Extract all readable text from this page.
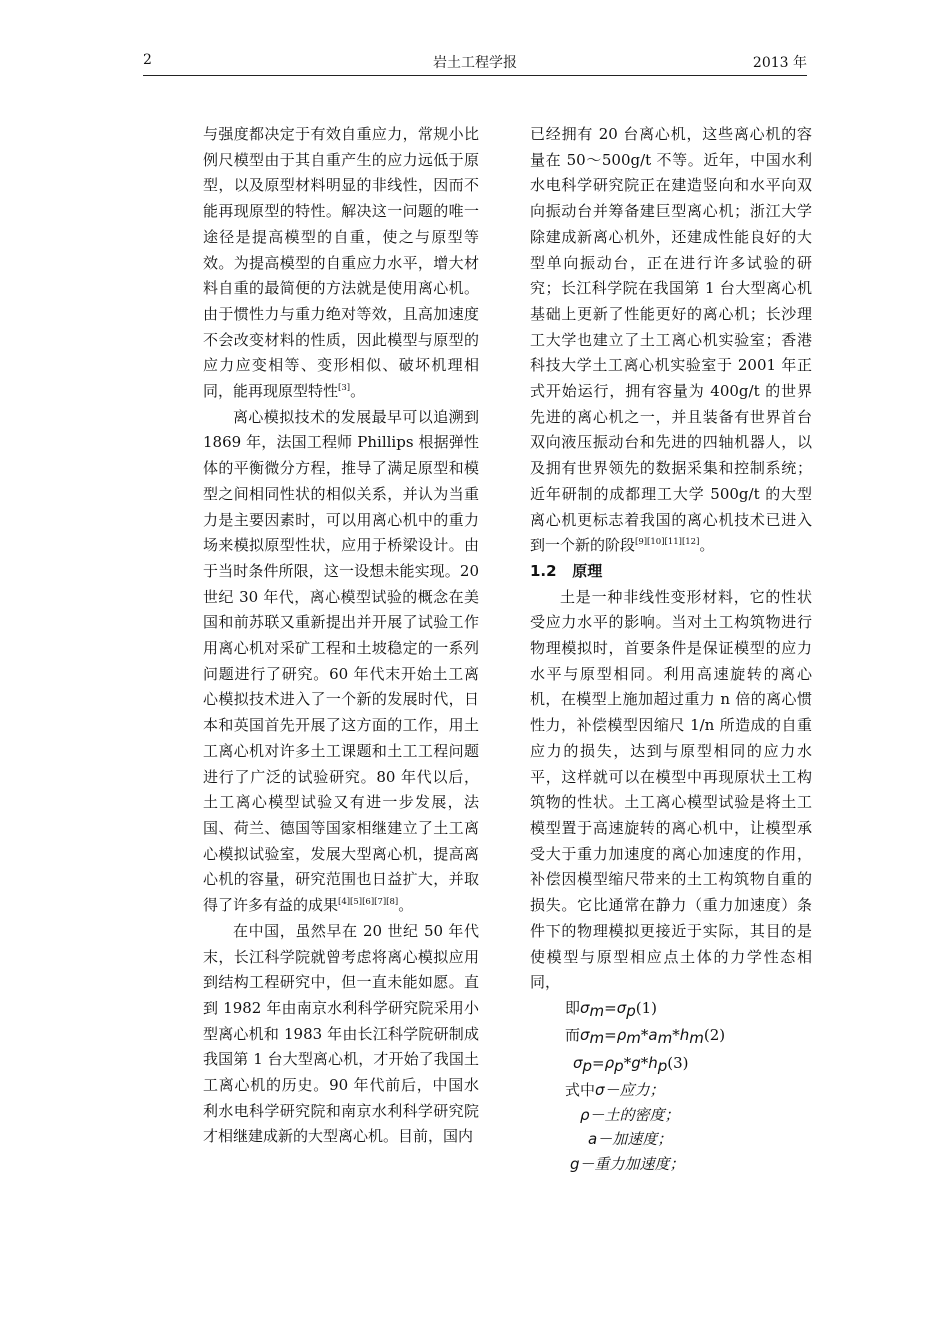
2	岩土工程学报	2013 年

与强度都决定于有效自重应力，常规小比例尺模型由于其自重产生的应力远低于原型，以及原型材料明显的非线性，因而不能再现原型的特性。解决这一问题的唯一途径是提高模型的自重，使之与原型等效。为提高模型的自重应力水平，增大材料自重的最简便的方法就是使用离心机。由于惯性力与重力绝对等效，且高加速度不会改变材料的性质，因此模型与原型的应力应变相等、变形相似、破坏机理相同，能再现原型特性[3]。

离心模拟技术的发展最早可以追溯到 1869 年，法国工程师 Phillips 根据弹性体的平衡微分方程，推导了满足原型和模型之间相同性状的相似关系，并认为当重力是主要因素时，可以用离心机中的重力场来模拟原型性状，应用于桥梁设计。由于当时条件所限，这一设想未能实现。20 世纪 30 年代，离心模型试验的概念在美国和前苏联又重新提出并开展了试验工作用离心机对采矿工程和土坡稳定的一系列问题进行了研究。60 年代末开始土工离心模拟技术进入了一个新的发展时代，日本和英国首先开展了这方面的工作，用土工离心机对许多土工课题和土工工程问题进行了广泛的试验研究。80 年代以后，土工离心模型试验又有进一步发展，法国、荷兰、德国等国家相继建立了土工离心模拟试验室，发展大型离心机，提高离心机的容量，研究范围也日益扩大，并取得了许多有益的成果[4][5][6][7][8]。

在中国，虽然早在 20 世纪 50 年代末，长江科学院就曾考虑将离心模拟应用到结构工程研究中，但一直未能如愿。直到 1982 年由南京水利科学研究院采用小型离心机和 1983 年由长江科学院研制成我国第 1 台大型离心机，才开始了我国土工离心机的历史。90 年代前后，中国水利水电科学研究院和南京水利科学研究院才相继建成新的大型离心机。目前，国内

已经拥有 20 台离心机，这些离心机的容量在 50～500g/t 不等。近年，中国水利水电科学研究院正在建造竖向和水平向双向振动台并筹备建巨型离心机；浙江大学除建成新离心机外，还建成性能良好的大型单向振动台，正在进行许多试验的研究；长江科学院在我国第 1 台大型离心机基础上更新了性能更好的离心机；长沙理工大学也建立了土工离心机实验室；香港科技大学土工离心机实验室于 2001 年正式开始运行，拥有容量为 400g/t 的世界先进的离心机之一，并且装备有世界首台双向液压振动台和先进的四轴机器人，以及拥有世界领先的数据采集和控制系统；近年研制的成都理工大学 500g/t 的大型离心机更标志着我国的离心机技术已进入到一个新的阶段[9][10][11][12]。

1.2 原理

土是一种非线性变形材料，它的性状受应力水平的影响。当对土工构筑物进行物理模拟时，首要条件是保证模型的应力水平与原型相同。利用高速旋转的离心机，在模型上施加超过重力 n 倍的离心惯性力，补偿模型因缩尺 1/n 所造成的自重应力的损失，达到与原型相同的应力水平，这样就可以在模型中再现原状土工构筑物的性状。土工离心模型试验是将土工模型置于高速旋转的离心机中，让模型承受大于重力加速度的离心加速度的作用，补偿因模型缩尺带来的土工构筑物自重的损失。它比通常在静力（重力加速度）条件下的物理模拟更接近于实际，其目的是使模型与原型相应点土体的力学性态相同，

即σm=σp(1)
而σm=ρm*am*hm(2)
σp=ρp*g*hp(3)
式中σ－应力；
ρ－土的密度；
a－加速度；
g－重力加速度；
